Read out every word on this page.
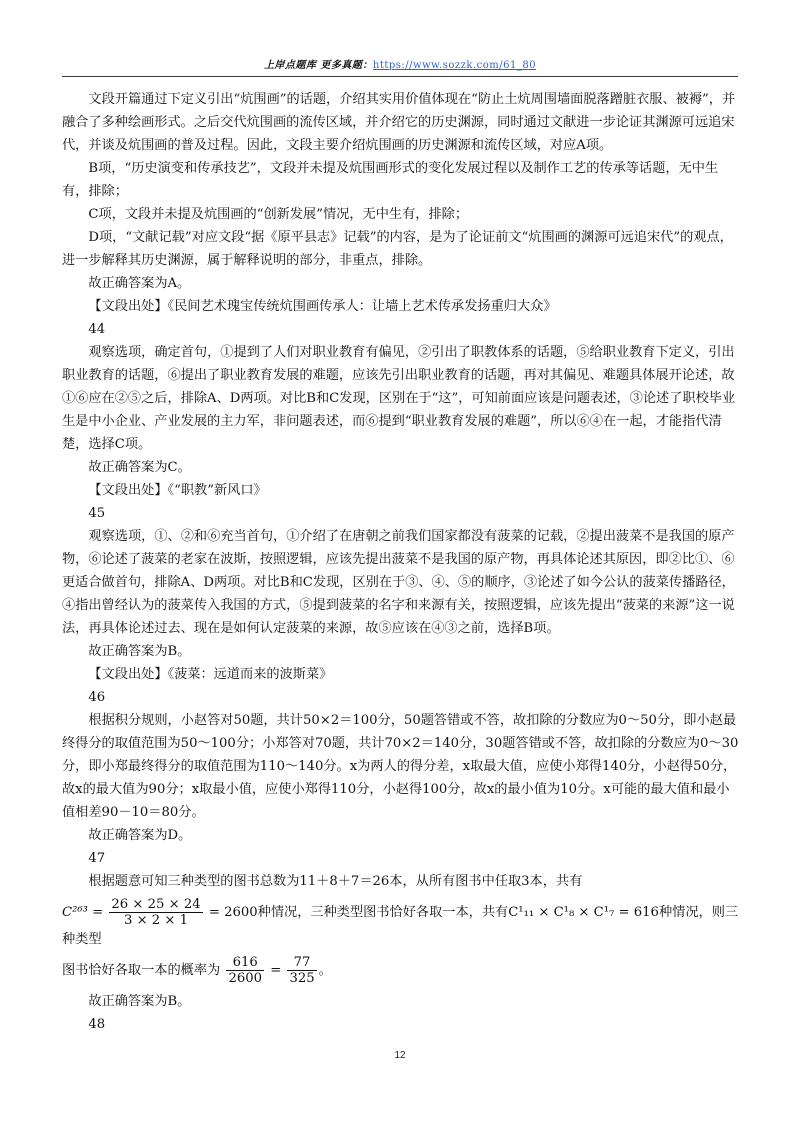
上岸点题库 更多真题：https://www.sozzk.com/61_80

文段开篇通过下定义引出“炕围画”的话题，介绍其实用价值体现在“防止土炕周围墙面脱落蹭脏衣服、被褥”，并融合了多种绘画形式。之后交代炕围画的流传区域，并介绍它的历史渊源，同时通过文献进一步论证其渊源可远追宋代，并谈及炕围画的普及过程。因此，文段主要介绍炕围画的历史渊源和流传区域，对应A项。

B项，“历史演变和传承技艺”，文段并未提及炕围画形式的变化发展过程以及制作工艺的传承等话题，无中生有，排除；

C项，文段并未提及炕围画的“创新发展”情况，无中生有，排除；

D项，“文献记载”对应文段“据《原平县志》记载”的内容，是为了论证前文“炕围画的渊源可远追宋代”的观点，进一步解释其历史渊源，属于解释说明的部分，非重点，排除。

故正确答案为A。

【文段出处】《民间艺术瑰宝传统炕围画传承人：让墙上艺术传承发扬重归大众》

44

观察选项，确定首句，①提到了人们对职业教育有偏见，②引出了职教体系的话题，⑤给职业教育下定义，引出职业教育的话题，⑥提出了职业教育发展的难题，应该先引出职业教育的话题，再对其偏见、难题具体展开论述，故①⑥应在②⑤之后，排除A、D两项。对比B和C发现，区别在于“这”，可知前面应该是问题表述，③论述了职校毕业生是中小企业、产业发展的主力军，非问题表述，而⑥提到“职业教育发展的难题”，所以⑥④在一起，才能指代清楚，选择C项。

故正确答案为C。

【文段出处】《“职教”新风口》

45

观察选项，①、②和⑥充当首句，①介绍了在唐朝之前我们国家都没有菠菜的记载，②提出菠菜不是我国的原产物，⑥论述了菠菜的老家在波斯，按照逻辑，应该先提出菠菜不是我国的原产物，再具体论述其原因，即②比①、⑥更适合做首句，排除A、D两项。对比B和C发现，区别在于③、④、⑤的顺序，③论述了如今公认的菠菜传播路径，④指出曾经认为的菠菜传入我国的方式，⑤提到菠菜的名字和来源有关，按照逻辑，应该先提出“菠菜的来源”这一说法，再具体论述过去、现在是如何认定菠菜的来源，故⑤应该在④③之前，选择B项。

故正确答案为B。

【文段出处】《菠菜：远道而来的波斯菜》

46

根据积分规则，小赵答对50题，共计50×2＝100分，50题答错或不答，故扣除的分数应为0～50分，即小赵最终得分的取值范围为50～100分；小郑答对70题，共计70×2＝140分，30题答错或不答，故扣除的分数应为0～30分，即小郑最终得分的取值范围为110～140分。x为两人的得分差，x取最大值，应使小郑得140分，小赵得50分，故x的最大值为90分；x取最小值，应使小郑得110分，小赵得100分，故x的最小值为10分。x可能的最大值和最小值相差90－10＝80分。

故正确答案为D。

47

根据题意可知三种类型的图书总数为11＋8＋7＝26本，从所有图书中任取3本，共有

$C^{263} = \frac{26 \times 25 \times 24}{3 \times 2 \times 1} = 2600$种情况，三种类型图书恰好各取一本，共有C¹₁₁ × C¹₈ × C¹₇ = 616种情况，则三种类型

图书恰好各取一本的概率为 $\frac{616}{2600} = \frac{77}{325}$ 。

故正确答案为B。

48

12
